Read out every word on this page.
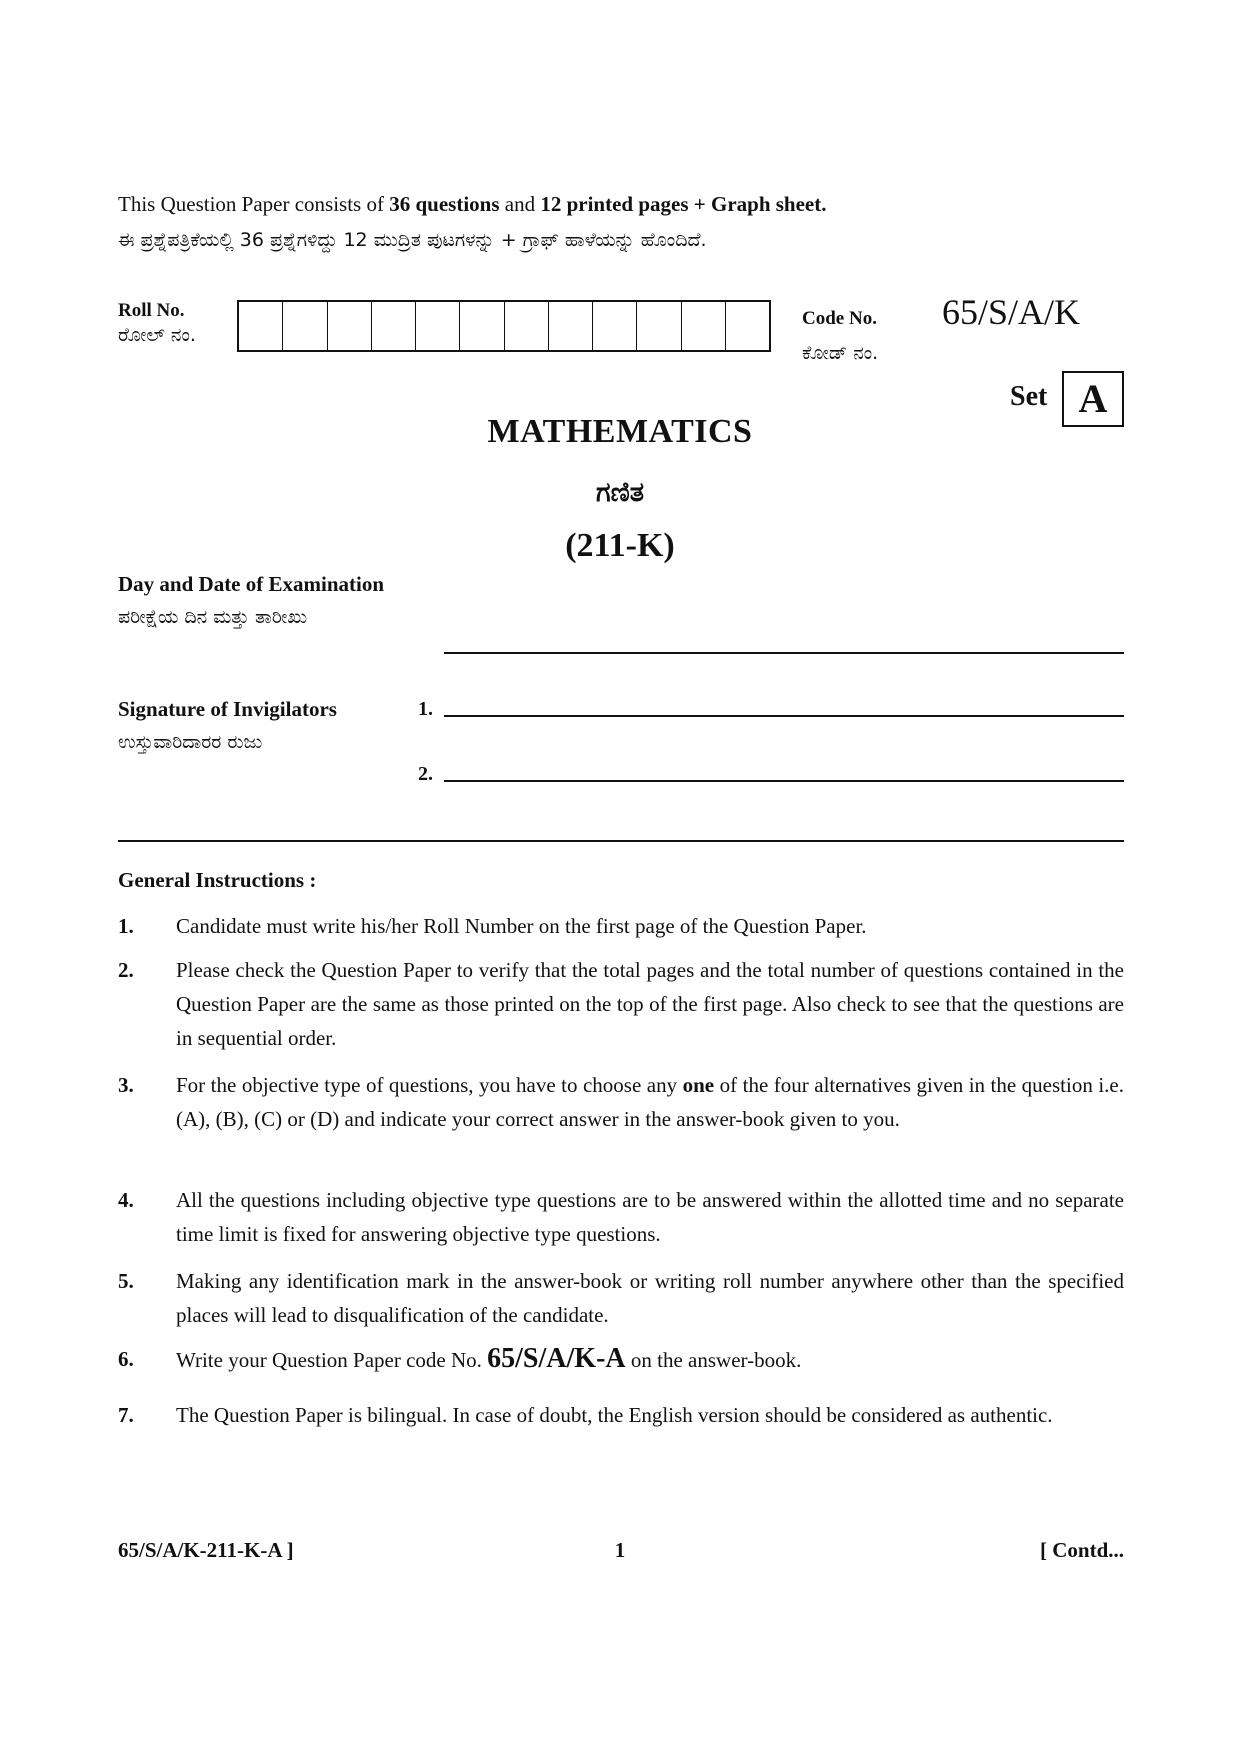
This Question Paper consists of 36 questions and 12 printed pages + Graph sheet.
ಈ ಪ್ರಶ್ನೆಪತ್ರಿಕೆಯಲ್ಲಿ 36 ಪ್ರಶ್ನೆಗಳಿದ್ದು 12 ಮುದ್ರಿತ ಪುಟಗಳನ್ನು + ಗ್ರಾಫ್ ಹಾಳೆಯನ್ನು ಹೊಂದಿದೆ.
Roll No.
ರೋಲ್ ನಂ.
Code No.
ಕೋಡ್ ನಂ.
65/S/A/K
Set A
MATHEMATICS
ಗಣಿತ
(211-K)
Day and Date of Examination
ಪರೀಕ್ಷೆಯ ದಿನ ಮತ್ತು ತಾರೀಖು
Signature of Invigilators
ಉಸ್ತುವಾರಿದಾರರ ರುಜು
1.
2.
General Instructions :
1.	Candidate must write his/her Roll Number on the first page of the Question Paper.
2.	Please check the Question Paper to verify that the total pages and the total number of questions contained in the Question Paper are the same as those printed on the top of the first page. Also check to see that the questions are in sequential order.
3.	For the objective type of questions, you have to choose any one of the four alternatives given in the question i.e. (A), (B), (C) or (D) and indicate your correct answer in the answer-book given to you.
4.	All the questions including objective type questions are to be answered within the allotted time and no separate time limit is fixed for answering objective type questions.
5.	Making any identification mark in the answer-book or writing roll number anywhere other than the specified places will lead to disqualification of the candidate.
6.	Write your Question Paper code No. 65/S/A/K-A on the answer-book.
7.	The Question Paper is bilingual. In case of doubt, the English version should be considered as authentic.
65/S/A/K-211-K-A ]	1	[ Contd...
